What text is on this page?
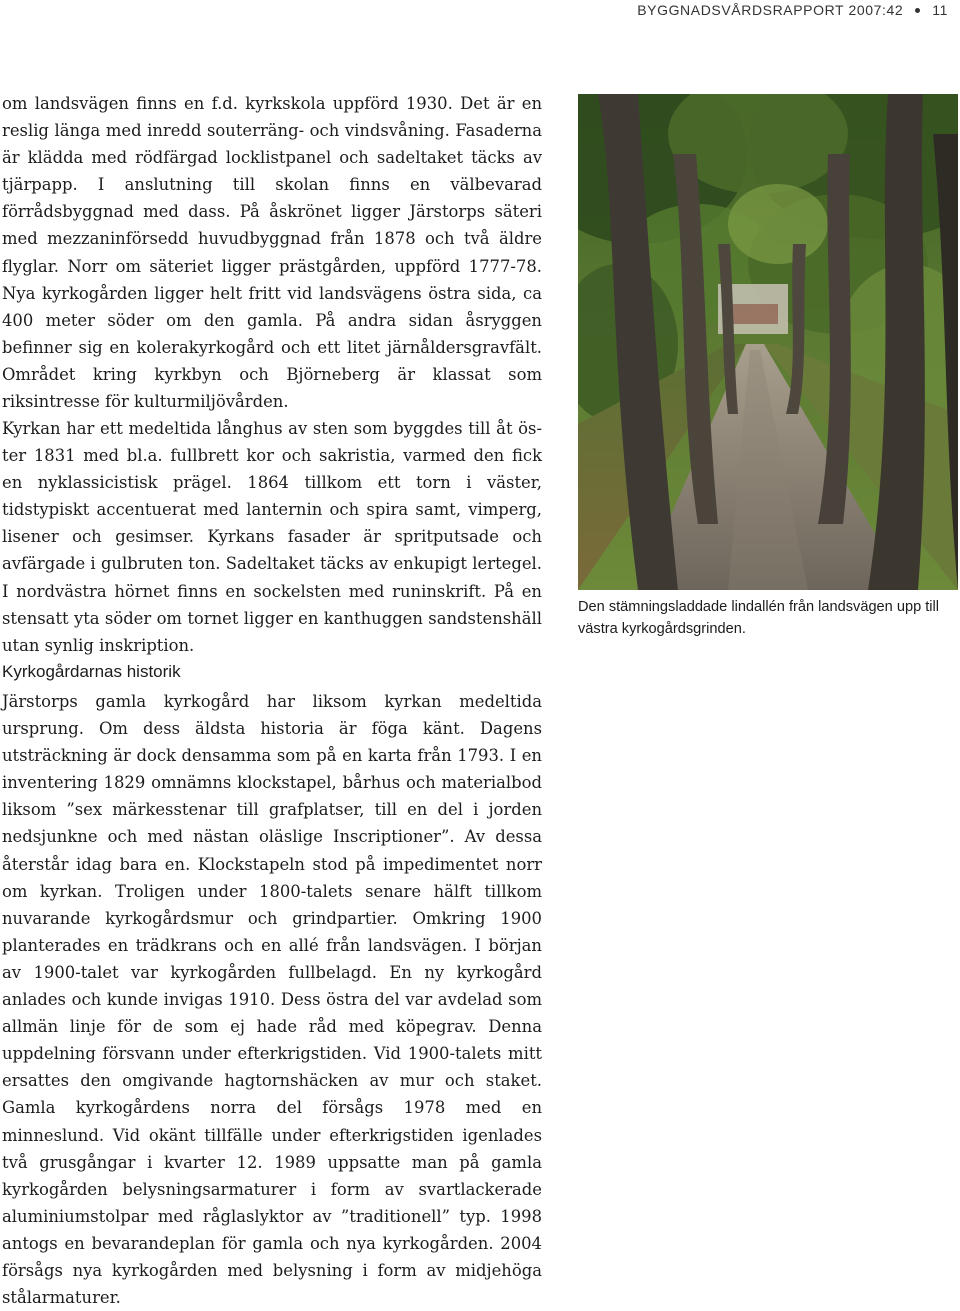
BYGGNADSVÅRDSRAPPORT 2007:42 11

om landsvägen finns en f.d. kyrkskola uppförd 1930. Det är en reslig länga med inredd souterräng- och vindsvåning. Fasaderna är klädda med rödfärgad locklistpanel och sadeltaket täcks av tjärpapp. I anslutning till skolan finns en välbevarad förrådsbyggnad med dass. På åskrönet ligger Järstorps säteri med mezzaninförsedd huvudbyggnad från 1878 och två äldre flyglar. Norr om säteriet ligger prästgården, uppförd 1777-78. Nya kyrkogården ligger helt fritt vid landsvägens östra sida, ca 400 meter söder om den gamla. På andra sidan åsryggen befinner sig en kolerakyrkogård och ett litet järnåldersgravfält. Området kring kyrkbyn och Björneberg är klassat som riksintresse för kulturmiljövården.

Kyrkan har ett medeltida långhus av sten som byggdes till åt öster 1831 med bl.a. fullbrett kor och sakristia, varmed den fick en nyklassicistisk prägel. 1864 tillkom ett torn i väster, tidstypiskt accentuerat med lanternin och spira samt, vimperg, lisener och gesimser. Kyrkans fasader är spritputsade och avfärgade i gulbruten ton. Sadeltaket täcks av enkupigt lertegel. I nordvästra hörnet finns en sockelsten med runinskrift. På en stensatt yta söder om tornet ligger en kanthuggen sandstenshäll utan synlig inskription.

Kyrkogårdarnas historik

Järstorps gamla kyrkogård har liksom kyrkan medeltida ursprung. Om dess äldsta historia är föga känt. Dagens utsträckning är dock densamma som på en karta från 1793. I en inventering 1829 omnämns klockstapel, bårhus och materialbod liksom ”sex märkesstenar till grafplatser, till en del i jorden nedsjunkne och med nästan oläslige Inscriptioner”. Av dessa återstår idag bara en. Klockstapeln stod på impedimentet norr om kyrkan. Troligen under 1800-talets senare hälft tillkom nuvarande kyrkogårdsmur och grindpartier. Omkring 1900 planterades en trädkrans och en allé från landsvägen. I början av 1900-talet var kyrkogården fullbelagd. En ny kyrkogård anlades och kunde invigas 1910. Dess östra del var avdelad som allmän linje för de som ej hade råd med köpegrav. Denna uppdelning försvann under efterkrigstiden. Vid 1900-talets mitt ersattes den omgivande hagtornshäcken av mur och staket. Gamla kyrkogårdens norra del försågs 1978 med en minneslund. Vid okänt tillfälle under efterkrigstiden igenlades två grusgångar i kvarter 12. 1989 uppsatte man på gamla kyrkogården belysningsarmaturer i form av svartlackerade aluminiumstolpar med råglaslyktor av ”traditionell” typ. 1998 antogs en bevarandeplan för gamla och nya kyrkogården. 2004 försågs nya kyrkogården med belysning i form av midjehöga stålarmaturer.

Den stämningsladdade lindallén från landsvägen upp till västra kyrkogårdsgrinden.
